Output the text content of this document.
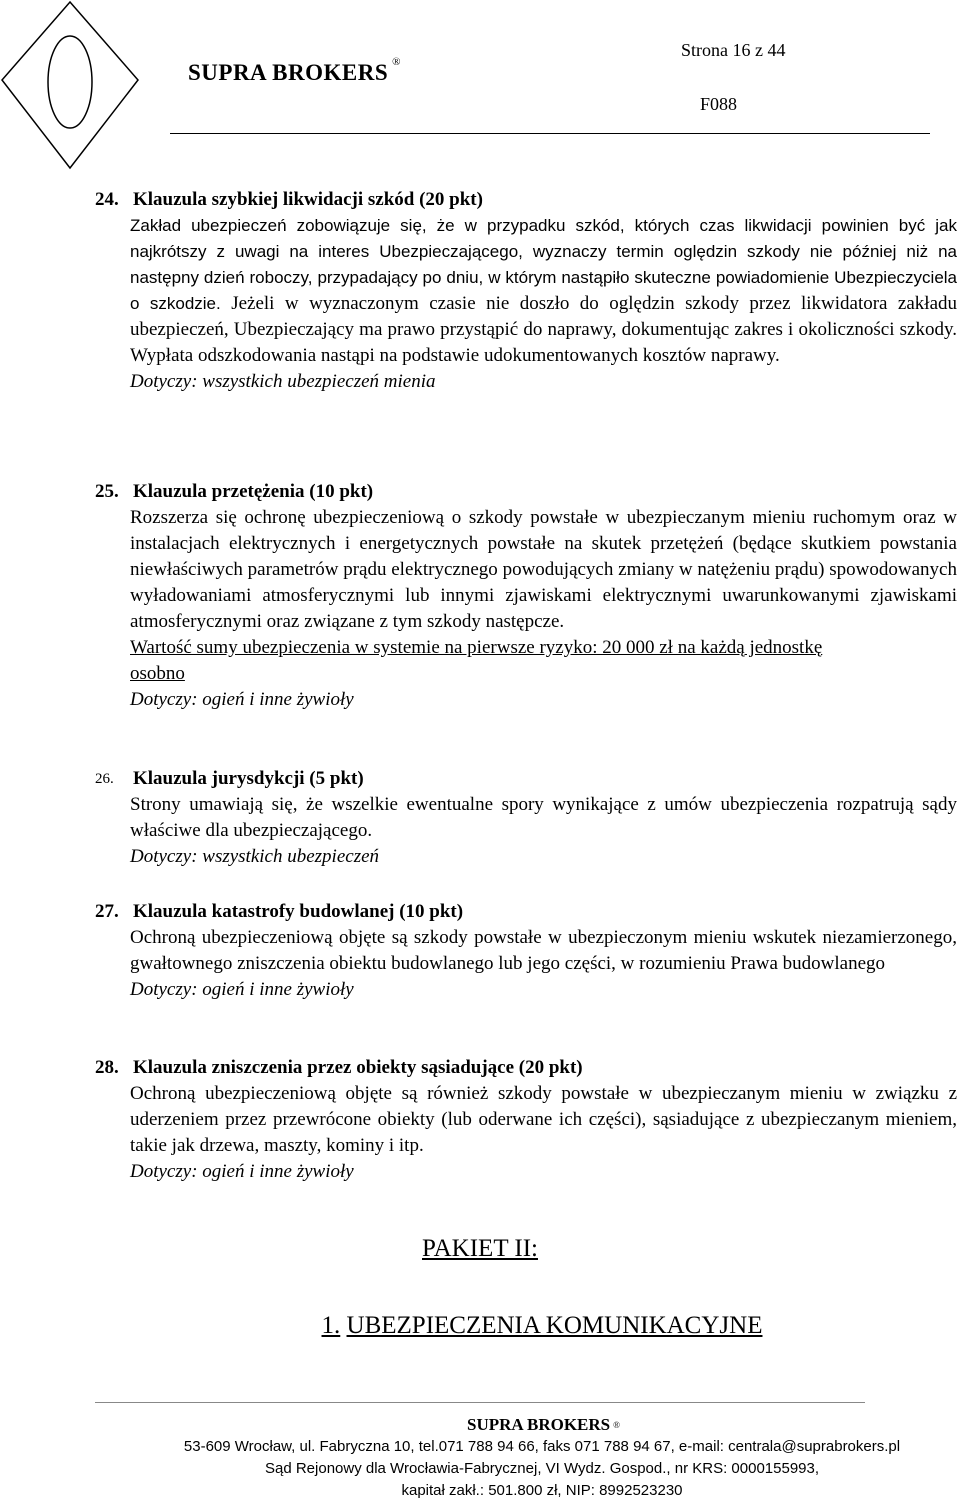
SUPRA BROKERS ®
Strona 16 z 44
F088
24. Klauzula szybkiej likwidacji szkód (20 pkt)
Zakład ubezpieczeń zobowiązuje się, że w przypadku szkód, których czas likwidacji powinien być jak najkrótszy z uwagi na interes Ubezpieczającego, wyznaczy termin oględzin szkody nie później niż na następny dzień roboczy, przypadający po dniu, w którym nastąpiło skuteczne powiadomienie Ubezpieczyciela o szkodzie. Jeżeli w wyznaczonym czasie nie doszło do oględzin szkody przez likwidatora zakładu ubezpieczeń, Ubezpieczający ma prawo przystąpić do naprawy, dokumentując zakres i okoliczności szkody. Wypłata odszkodowania nastąpi na podstawie udokumentowanych kosztów naprawy.
Dotyczy: wszystkich ubezpieczeń mienia
25. Klauzula przetężenia (10 pkt)
Rozszerza się ochronę ubezpieczeniową o szkody powstałe w ubezpieczanym mieniu ruchomym oraz w instalacjach elektrycznych i energetycznych powstałe na skutek przetężeń (będące skutkiem powstania niewłaściwych parametrów prądu elektrycznego powodujących zmiany w natężeniu prądu) spowodowanych wyładowaniami atmosferycznymi lub innymi zjawiskami elektrycznymi uwarunkowanymi zjawiskami atmosferycznymi oraz związane z tym szkody następcze.
Wartość sumy ubezpieczenia w systemie na pierwsze ryzyko: 20 000 zł na każdą jednostkę osobno
Dotyczy: ogień i inne żywioły
26. Klauzula jurysdykcji (5 pkt)
Strony umawiają się, że wszelkie ewentualne spory wynikające z umów ubezpieczenia rozpatrują sądy właściwe dla ubezpieczającego.
Dotyczy: wszystkich ubezpieczeń
27. Klauzula katastrofy budowlanej (10 pkt)
Ochroną ubezpieczeniową objęte są szkody powstałe w ubezpieczonym mieniu wskutek niezamierzonego, gwałtownego zniszczenia obiektu budowlanego lub jego części, w rozumieniu Prawa budowlanego
Dotyczy: ogień i inne żywioły
28. Klauzula zniszczenia przez obiekty sąsiadujące (20 pkt)
Ochroną ubezpieczeniową objęte są również szkody powstałe w ubezpieczanym mieniu w związku z uderzeniem przez przewrócone obiekty (lub oderwane ich części), sąsiadujące z ubezpieczanym mieniem, takie jak drzewa, maszty, kominy i itp.
Dotyczy: ogień i inne żywioły
PAKIET II:
1. UBEZPIECZENIA KOMUNIKACYJNE
SUPRA BROKERS ®
53-609 Wrocław, ul. Fabryczna 10, tel.071 788 94 66, faks 071 788 94 67, e-mail: centrala@suprabrokers.pl
Sąd Rejonowy dla Wrocławia-Fabrycznej, VI Wydz. Gospod., nr KRS: 0000155993,
kapitał zakł.: 501.800 zł, NIP: 8992523230
